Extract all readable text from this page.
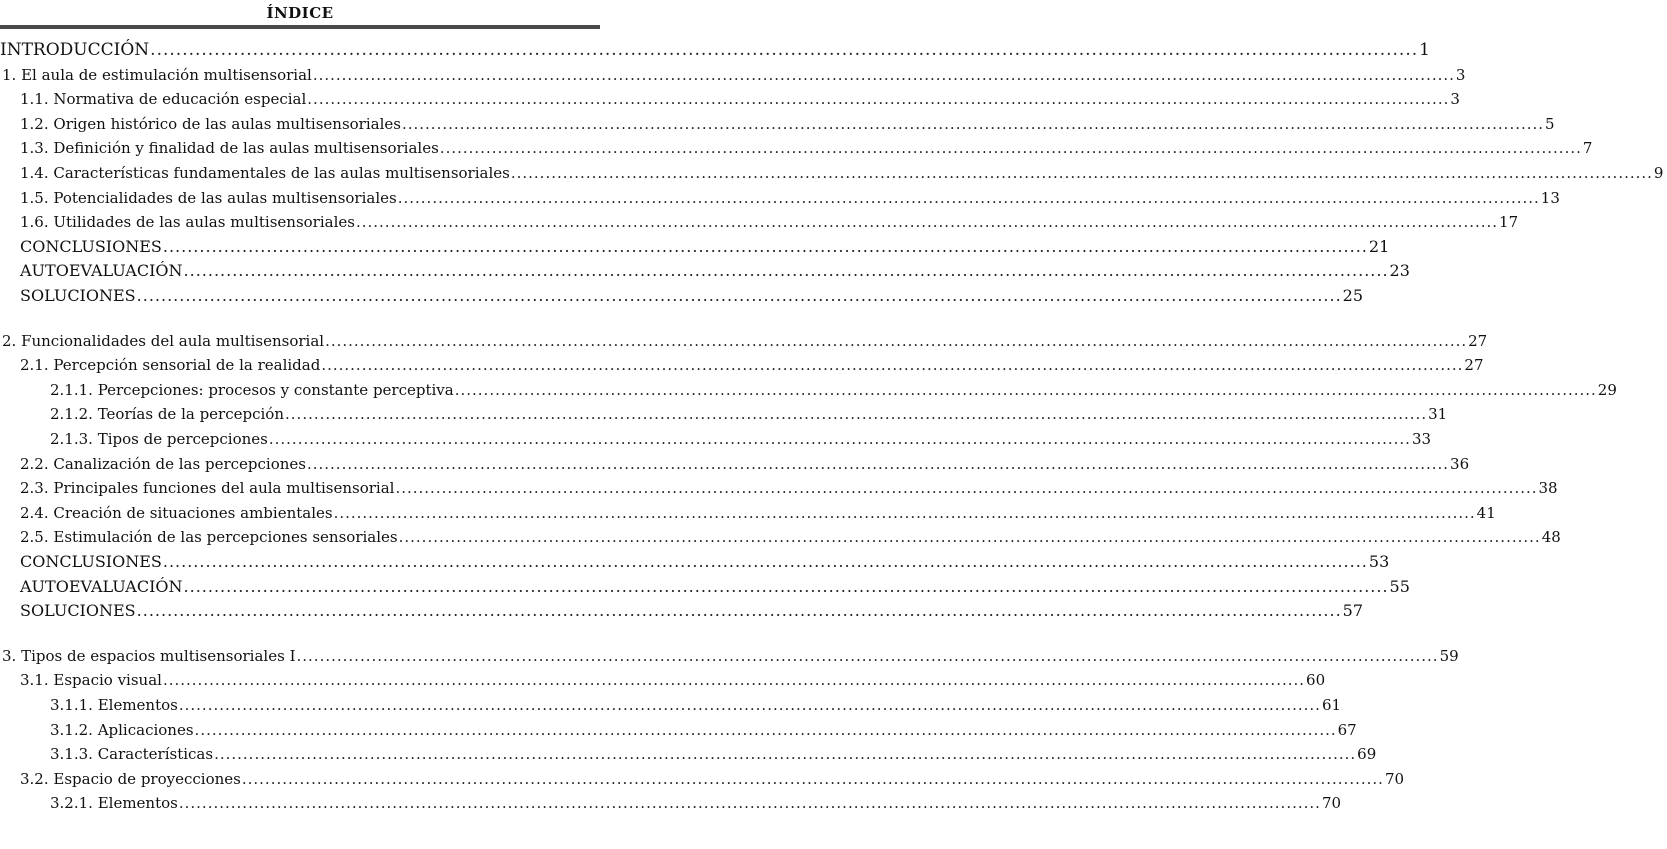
ÍNDICE
INTRODUCCIÓN .....	1
1. El aula de estimulación multisensorial .....	3
1.1. Normativa de educación especial .....	3
1.2. Origen histórico de las aulas multisensoriales .....	5
1.3. Definición y finalidad de las aulas multisensoriales .....	7
1.4. Características fundamentales de las aulas multisensoriales .....	9
1.5. Potencialidades de las aulas multisensoriales .....	13
1.6. Utilidades de las aulas multisensoriales .....	17
CONCLUSIONES .....	21
AUTOEVALUACIÓN .....	23
SOLUCIONES .....	25
2. Funcionalidades del aula multisensorial .....	27
2.1. Percepción sensorial de la realidad .....	27
2.1.1. Percepciones: procesos y constante perceptiva .....	29
2.1.2. Teorías de la percepción .....	31
2.1.3. Tipos de percepciones .....	33
2.2. Canalización de las percepciones .....	36
2.3. Principales funciones del aula multisensorial .....	38
2.4. Creación de situaciones ambientales .....	41
2.5. Estimulación de las percepciones sensoriales .....	48
CONCLUSIONES .....	53
AUTOEVALUACIÓN .....	55
SOLUCIONES .....	57
3. Tipos de espacios multisensoriales I .....	59
3.1. Espacio visual .....	60
3.1.1. Elementos .....	61
3.1.2. Aplicaciones .....	67
3.1.3. Características .....	69
3.2. Espacio de proyecciones .....	70
3.2.1. Elementos .....	70
